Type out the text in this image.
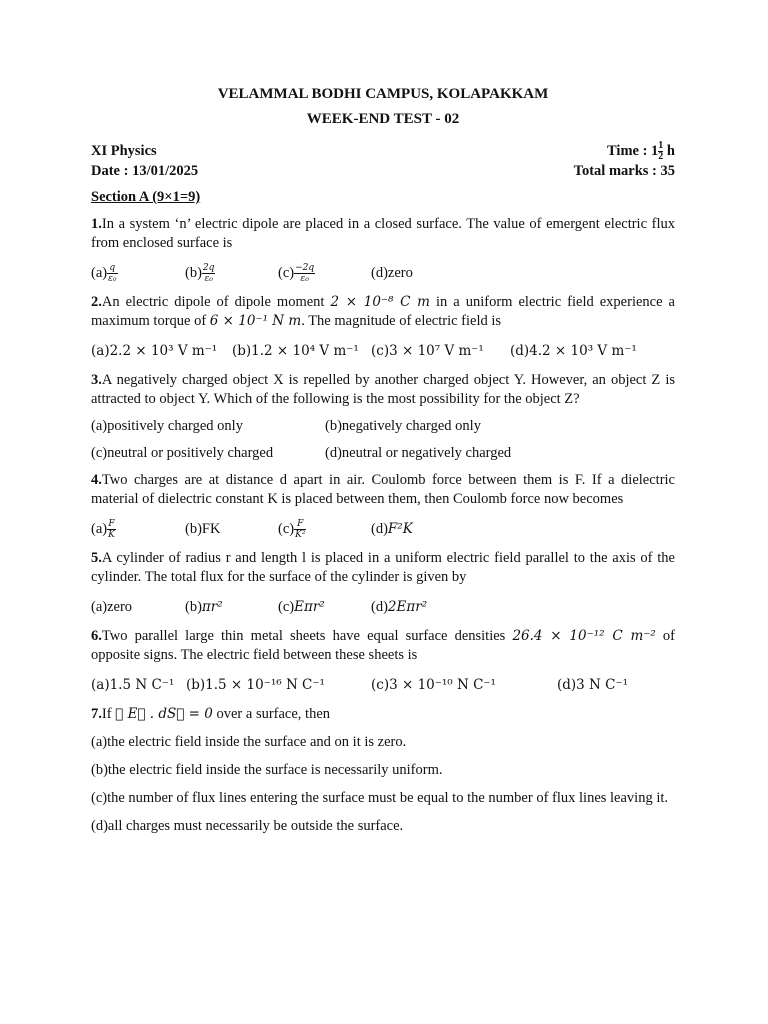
VELAMMAL BODHI CAMPUS, KOLAPAKKAM
WEEK-END TEST - 02
XI Physics	Time : $1 \frac{1}{2}$ h
Date : 13/01/2025	Total marks : 35
Section A (9×1=9)
1.In a system ‘n’ electric dipole are placed in a closed surface. The value of emergent electric flux from enclosed surface is
$(a) \frac{q}{\text{ε₀}}$	$(b) \frac{2q}{\text{ε₀}}$	$(c) \frac{-2q}{\text{ε₀}}$	(d)zero
2.An electric dipole of dipole moment 2 × 10⁻⁸ C m in a uniform electric field experience a maximum torque of 6 × 10⁻¹ N m. The magnitude of electric field is
(a)2.2 × 10³ V m⁻¹	(b)1.2 × 10⁴ V m⁻¹ (c)3 × 10⁷ V m⁻¹	(d)4.2 × 10³ V m⁻¹
3.A negatively charged object X is repelled by another charged object Y. However, an object Z is attracted to object Y. Which of the following is the most possibility for the object Z?
(a)positively charged only	(b)negatively charged only
(c)neutral or positively charged	(d)neutral or negatively charged
4.Two charges are at distance d apart in air. Coulomb force between them is F. If a dielectric material of dielectric constant K is placed between them, then Coulomb force now becomes
$(a) \frac{F}{K}$	(b)FK	$(c) \frac{F}{\text{K²}}$	(d)F²K
5.A cylinder of radius r and length l is placed in a uniform electric field parallel to the axis of the cylinder. The total flux for the surface of the cylinder is given by
(a)zero	(b)πr²	(c)Eπr²	(d)2Eπr²
6.Two parallel large thin metal sheets have equal surface densities 26.4 × 10⁻¹² C m⁻² of opposite signs. The electric field between these sheets is
(a)1.5 N C⁻¹ (b)1.5 × 10⁻¹⁶ N C⁻¹	(c)3 × 10⁻¹⁰ N C⁻¹	(d)3 N C⁻¹
7.If ∮ E⃗ . dS⃗ = 0 over a surface, then
(a)the electric field inside the surface and on it is zero.
(b)the electric field inside the surface is necessarily uniform.
(c)the number of flux lines entering the surface must be equal to the number of flux lines leaving it.
(d)all charges must necessarily be outside the surface.
